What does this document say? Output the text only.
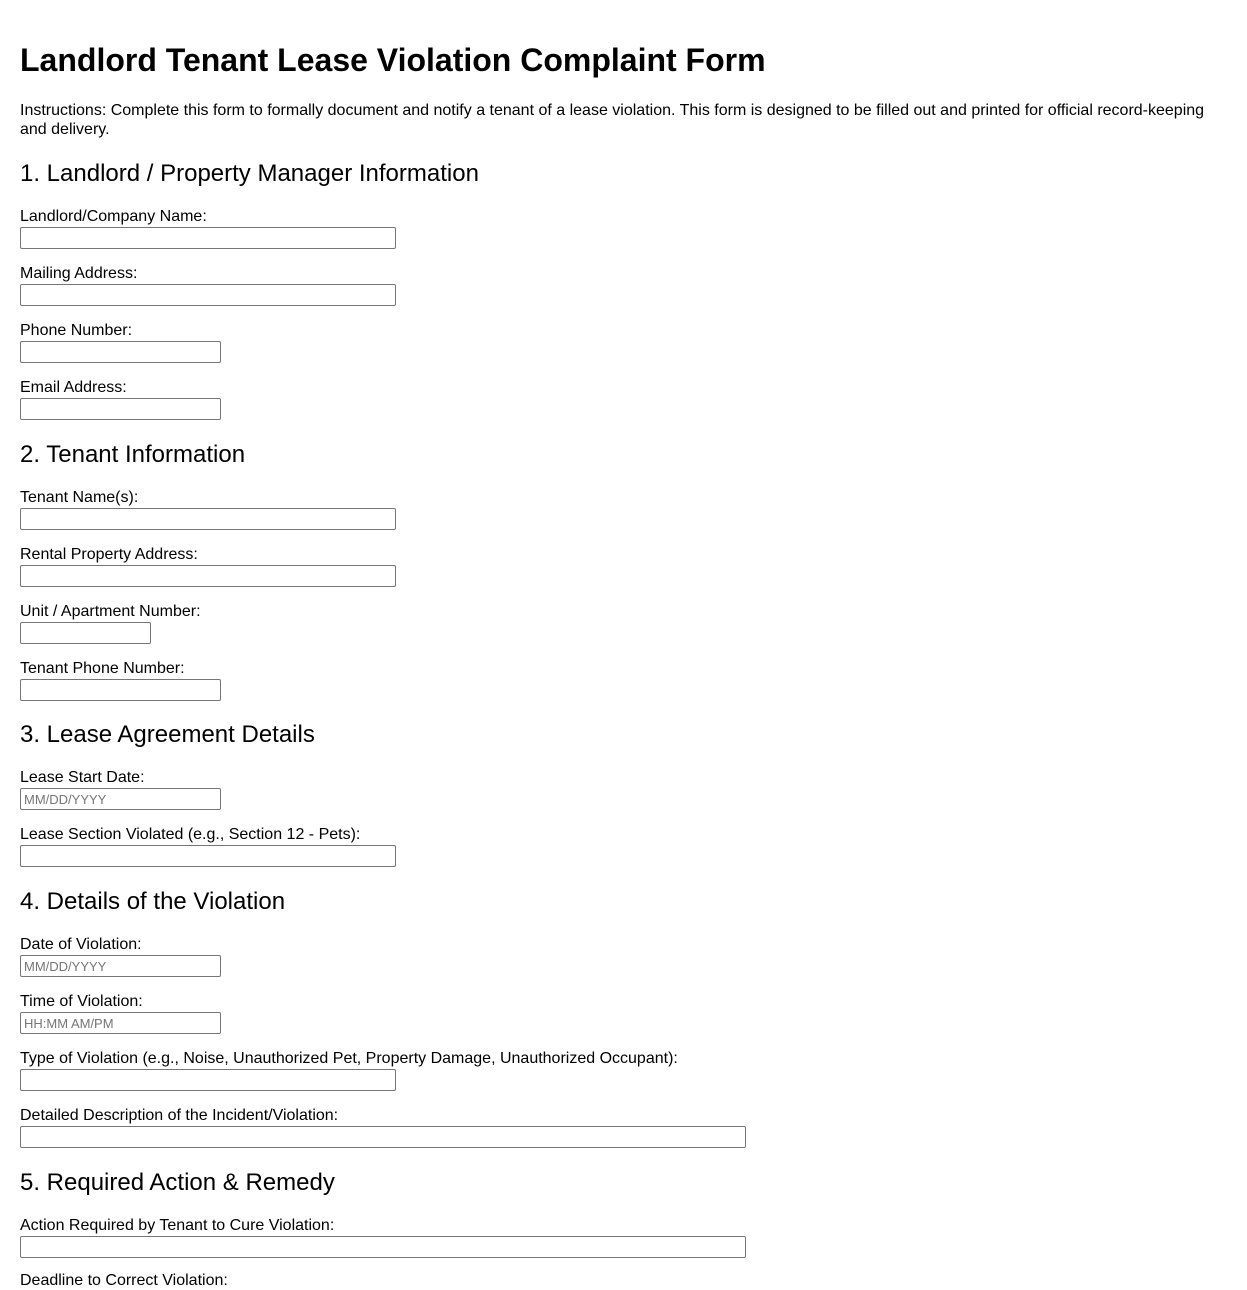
Landlord Tenant Lease Violation Complaint Form

Instructions: Complete this form to formally document and notify a tenant of a lease violation. This form is designed to be filled out and printed for official record-keeping and delivery.

1. Landlord / Property Manager Information
Landlord/Company Name:
Mailing Address:
Phone Number:
Email Address:
2. Tenant Information
Tenant Name(s):
Rental Property Address:
Unit / Apartment Number:
Tenant Phone Number:
3. Lease Agreement Details
Lease Start Date:
MM/DD/YYYY
Lease Section Violated (e.g., Section 12 - Pets):
4. Details of the Violation
Date of Violation:
MM/DD/YYYY
Time of Violation:
HH:MM AM/PM
Type of Violation (e.g., Noise, Unauthorized Pet, Property Damage, Unauthorized Occupant):
Detailed Description of the Incident/Violation:
5. Required Action & Remedy
Action Required by Tenant to Cure Violation:
Deadline to Correct Violation:
